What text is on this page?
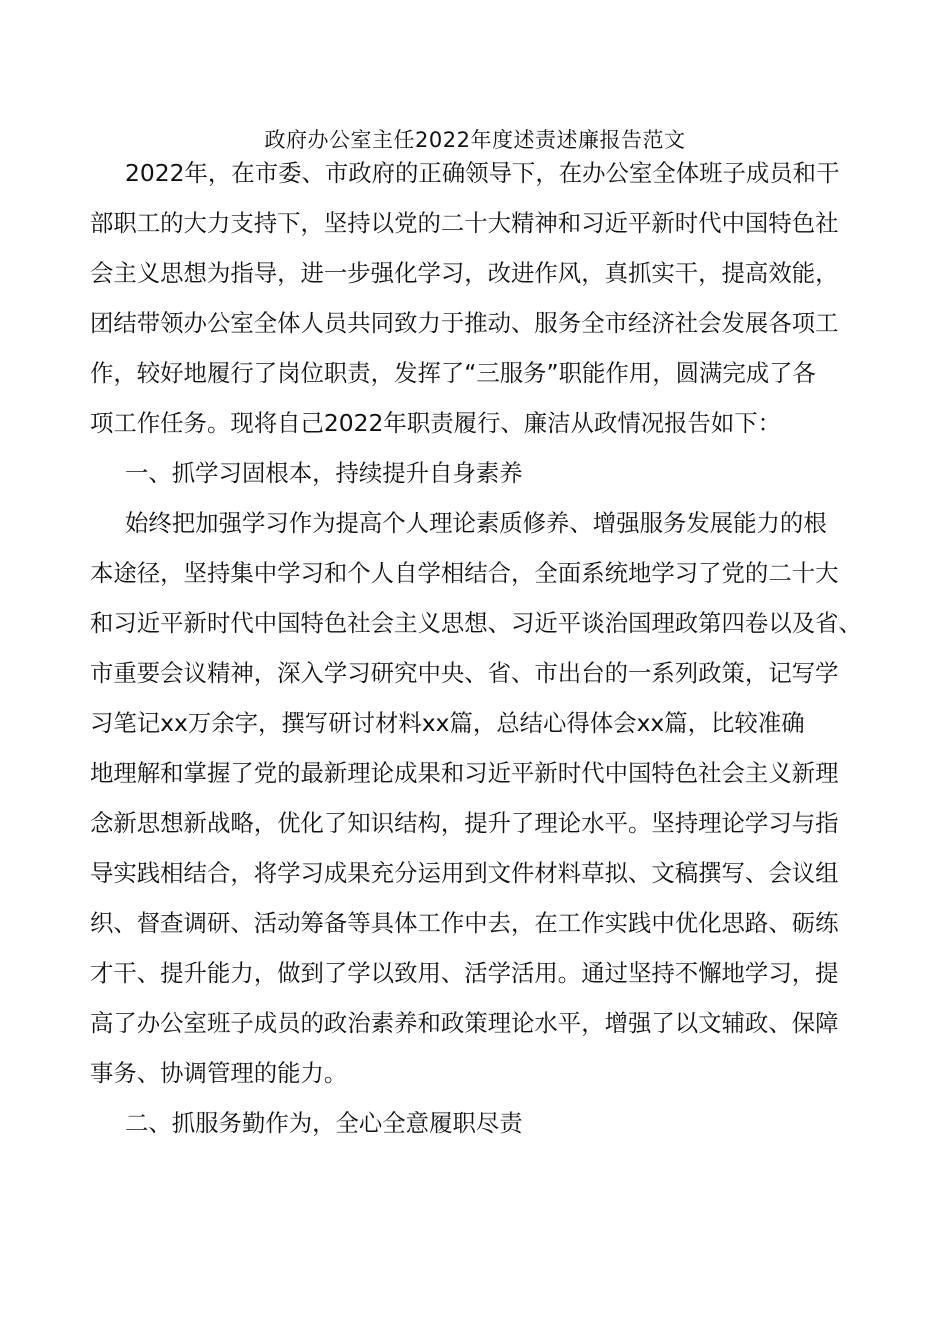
政府办公室主任2022年度述责述廉报告范文
2022年，在市委、市政府的正确领导下，在办公室全体班子成员和干
部职工的大力支持下，坚持以党的二十大精神和习近平新时代中国特色社
会主义思想为指导，进一步强化学习，改进作风，真抓实干，提高效能，
团结带领办公室全体人员共同致力于推动、服务全市经济社会发展各项工
作，较好地履行了岗位职责，发挥了“三服务”职能作用，圆满完成了各
项工作任务。现将自己2022年职责履行、廉洁从政情况报告如下：
一、抓学习固根本，持续提升自身素养
始终把加强学习作为提高个人理论素质修养、增强服务发展能力的根
本途径，坚持集中学习和个人自学相结合，全面系统地学习了党的二十大
和习近平新时代中国特色社会主义思想、习近平谈治国理政第四卷以及省、
市重要会议精神，深入学习研究中央、省、市出台的一系列政策，记写学
习笔记xx万余字，撰写研讨材料xx篇，总结心得体会xx篇，比较准确
地理解和掌握了党的最新理论成果和习近平新时代中国特色社会主义新理
念新思想新战略，优化了知识结构，提升了理论水平。坚持理论学习与指
导实践相结合，将学习成果充分运用到文件材料草拟、文稿撰写、会议组
织、督查调研、活动筹备等具体工作中去，在工作实践中优化思路、砺练
才干、提升能力，做到了学以致用、活学活用。通过坚持不懈地学习，提
高了办公室班子成员的政治素养和政策理论水平，增强了以文辅政、保障
事务、协调管理的能力。
二、抓服务勤作为，全心全意履职尽责
